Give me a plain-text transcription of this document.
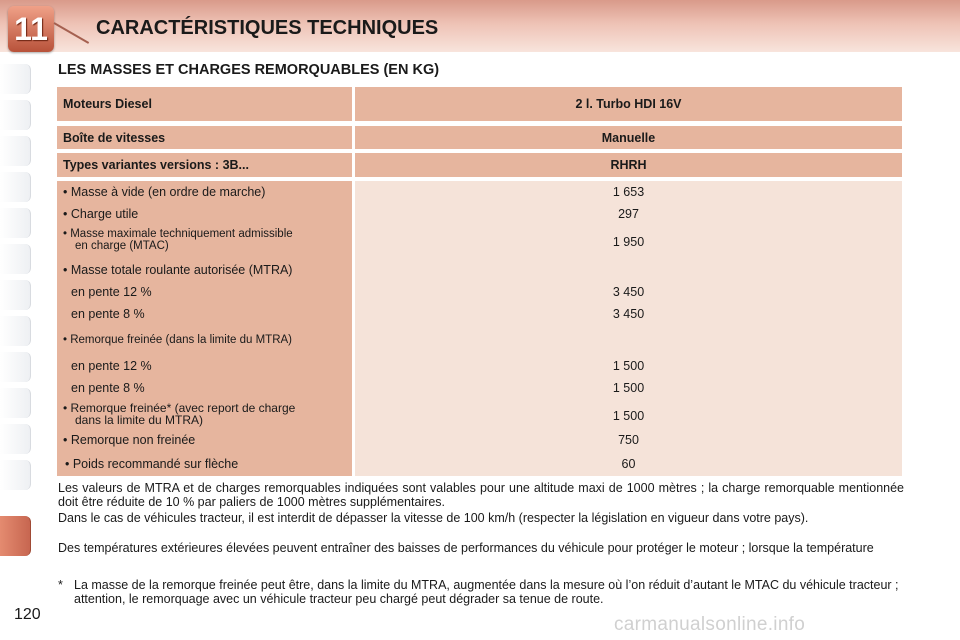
11 CARACTÉRISTIQUES TECHNIQUES
LES MASSES ET CHARGES REMORQUABLES (EN KG)
Moteurs Diesel	2 l. Turbo HDI 16V
Boîte de vitesses	Manuelle
Types variantes versions : 3B...	RHRH
• Masse à vide (en ordre de marche)	1 653
• Charge utile	297
• Masse maximale techniquement admissible
en charge (MTAC)	1 950
• Masse totale roulante autorisée (MTRA)
en pente 12 %	3 450
en pente 8 %	3 450
• Remorque freinée (dans la limite du MTRA)
en pente 12 %	1 500
en pente 8 %	1 500
• Remorque freinée* (avec report de charge
dans la limite du MTRA)	1 500
• Remorque non freinée	750
• Poids recommandé sur flèche	60
Les valeurs de MTRA et de charges remorquables indiquées sont valables pour une altitude maxi de 1000 mètres ; la charge remorquable mentionnée doit être réduite de 10 % par paliers de 1000 mètres supplémentaires.
Dans le cas de véhicules tracteur, il est interdit de dépasser la vitesse de 100 km/h (respecter la législation en vigueur dans votre pays).
Des températures extérieures élevées peuvent entraîner des baisses de performances du véhicule pour protéger le moteur ; lorsque la température
* La masse de la remorque freinée peut être, dans la limite du MTRA, augmentée dans la mesure où l’on réduit d’autant le MTAC du véhicule tracteur ; attention, le remorquage avec un véhicule tracteur peu chargé peut dégrader sa tenue de route.
120	carmanualsonline.info
